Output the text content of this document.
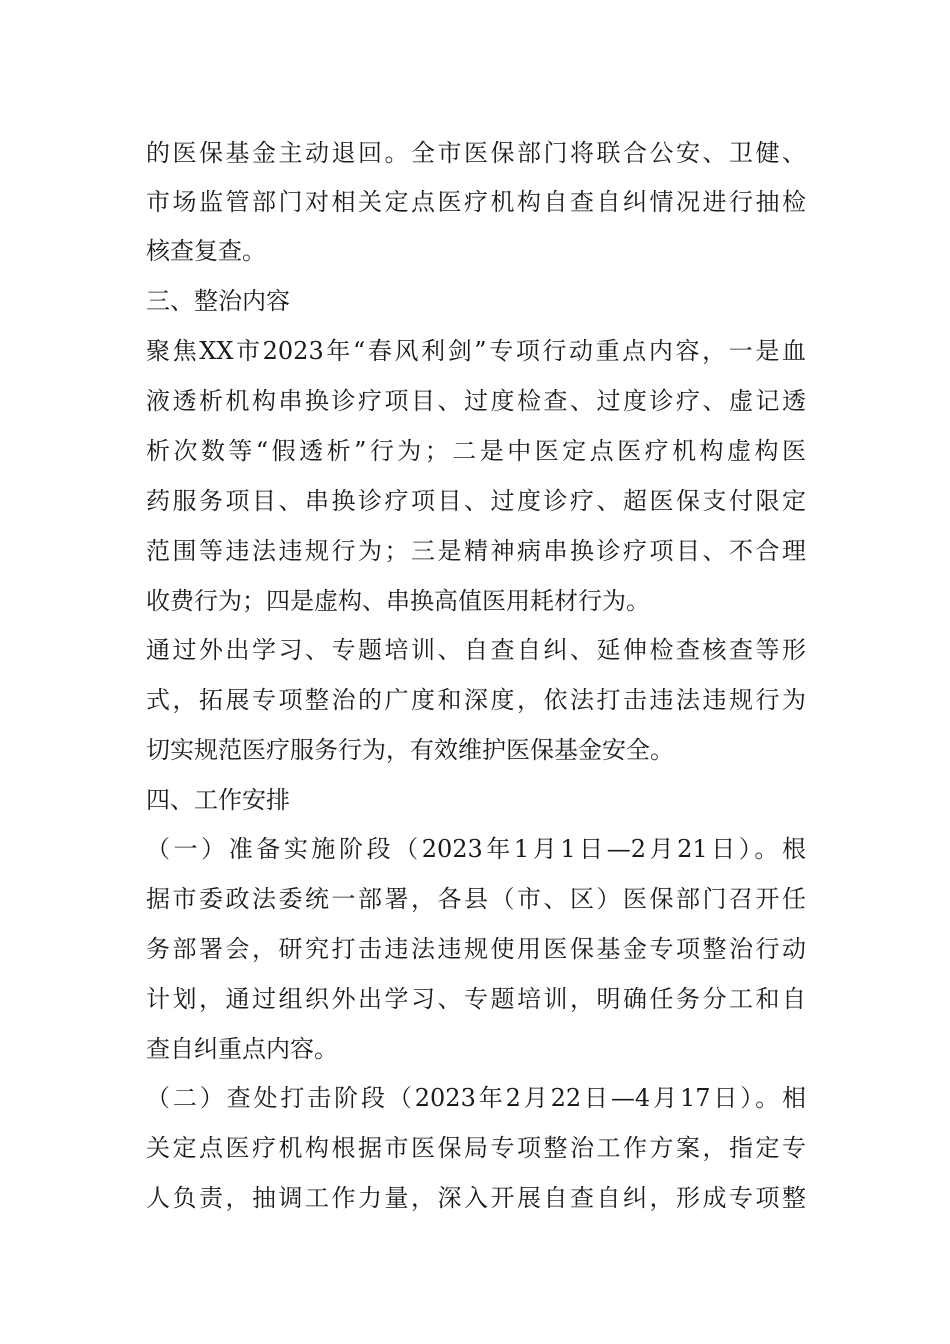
的医保基金主动退回。全市医保部门将联合公安、卫健、
市场监管部门对相关定点医疗机构自查自纠情况进行抽检
核查复查。
三、整治内容
聚焦XX市2023年“春风利剑”专项行动重点内容，一是血
液透析机构串换诊疗项目、过度检查、过度诊疗、虚记透
析次数等“假透析”行为；二是中医定点医疗机构虚构医
药服务项目、串换诊疗项目、过度诊疗、超医保支付限定
范围等违法违规行为；三是精神病串换诊疗项目、不合理
收费行为；四是虚构、串换高值医用耗材行为。
通过外出学习、专题培训、自查自纠、延伸检查核查等形
式，拓展专项整治的广度和深度，依法打击违法违规行为
切实规范医疗服务行为，有效维护医保基金安全。
四、工作安排
（一）准备实施阶段（2023年1月1日—2月21日）。根
据市委政法委统一部署，各县（市、区）医保部门召开任
务部署会，研究打击违法违规使用医保基金专项整治行动
计划，通过组织外出学习、专题培训，明确任务分工和自
查自纠重点内容。
（二）查处打击阶段（2023年2月22日—4月17日）。相
关定点医疗机构根据市医保局专项整治工作方案，指定专
人负责，抽调工作力量，深入开展自查自纠，形成专项整
